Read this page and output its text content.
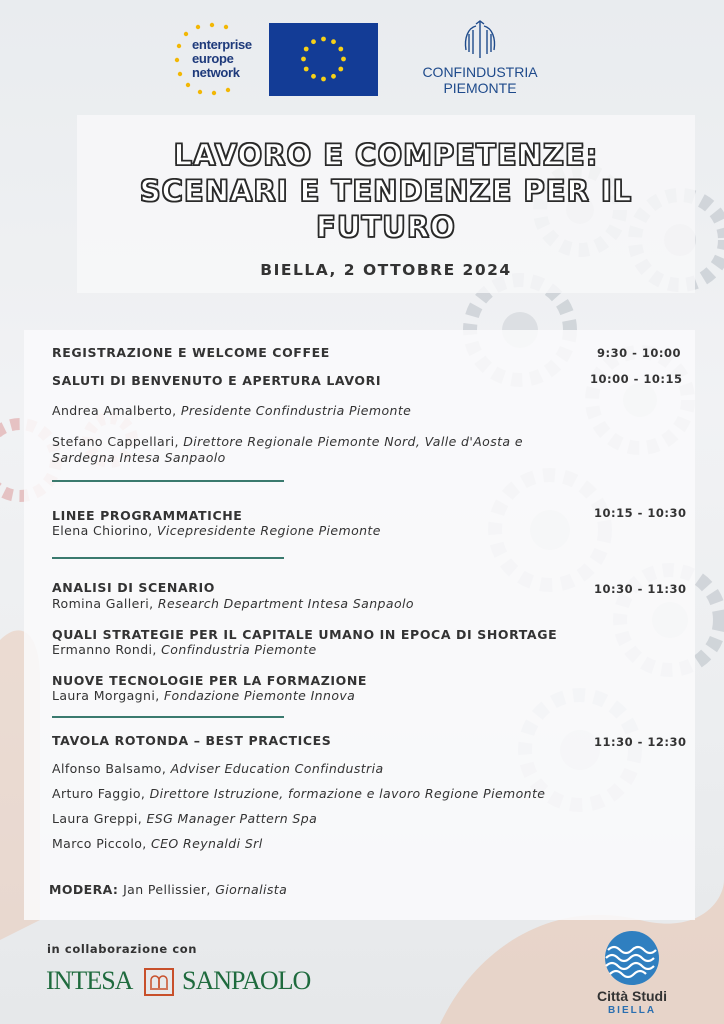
enterprise
europe
network	CONFINDUSTRIA
PIEMONTE
LAVORO E COMPETENZE:
SCENARI E TENDENZE PER IL
FUTURO
BIELLA, 2 OTTOBRE 2024
REGISTRAZIONE E WELCOME COFFEE	9:30 - 10:00
SALUTI DI BENVENUTO E APERTURA LAVORI	10:00 - 10:15
Andrea Amalberto, Presidente Confindustria Piemonte
Stefano Cappellari, Direttore Regionale Piemonte Nord, Valle d'Aosta e
Sardegna Intesa Sanpaolo
LINEE PROGRAMMATICHE	10:15 - 10:30
Elena Chiorino, Vicepresidente Regione Piemonte
ANALISI DI SCENARIO	10:30 - 11:30
Romina Galleri, Research Department Intesa Sanpaolo
QUALI STRATEGIE PER IL CAPITALE UMANO IN EPOCA DI SHORTAGE
Ermanno Rondi, Confindustria Piemonte
NUOVE TECNOLOGIE PER LA FORMAZIONE
Laura Morgagni, Fondazione Piemonte Innova
TAVOLA ROTONDA – BEST PRACTICES	11:30 - 12:30
Alfonso Balsamo, Adviser Education Confindustria
Arturo Faggio, Direttore Istruzione, formazione e lavoro Regione Piemonte
Laura Greppi, ESG Manager Pattern Spa
Marco Piccolo, CEO Reynaldi Srl
MODERA: Jan Pellissier, Giornalista
in collaborazione con
INTESA SANPAOLO
Città Studi
BIELLA
